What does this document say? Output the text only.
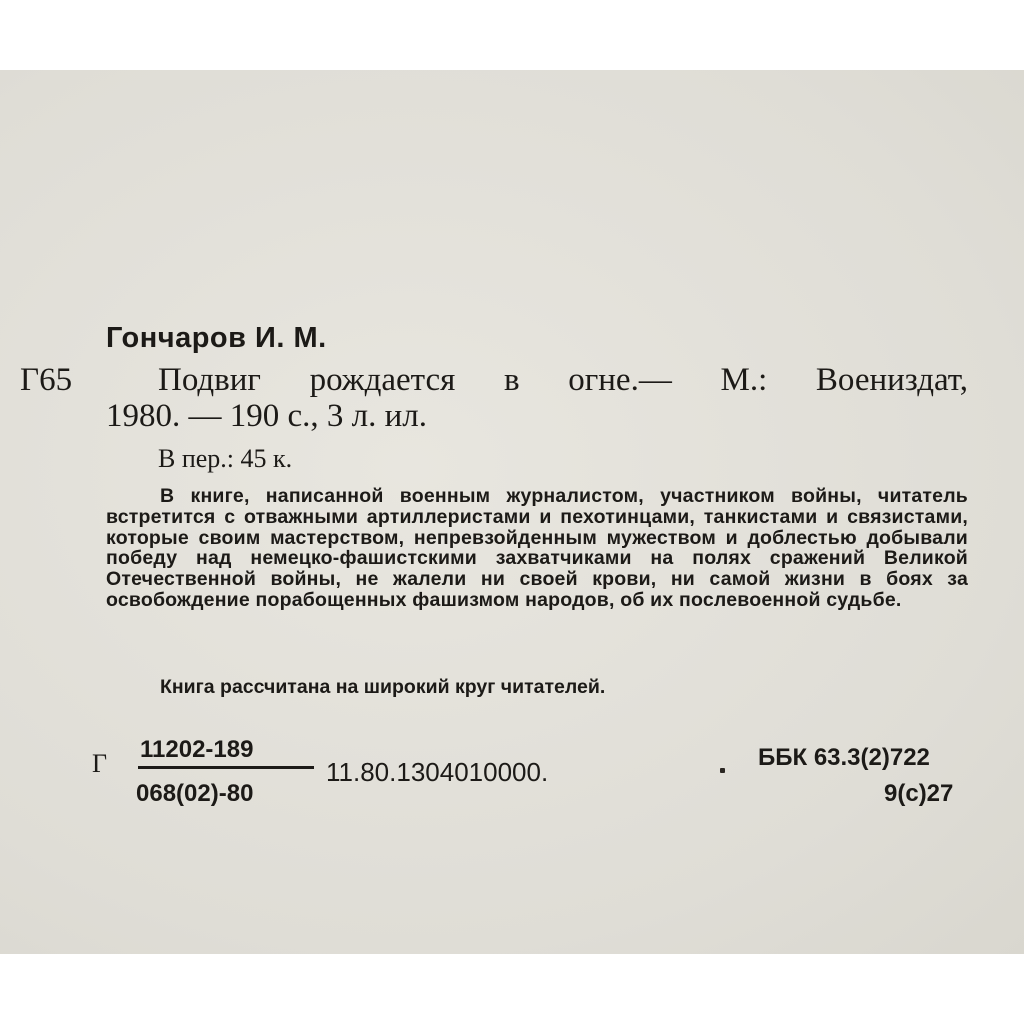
Гончаров И. М.
Г65	Подвиг рождается в огне.— М.: Воениздат,
1980. — 190 с., 3 л. ил.
В пер.: 45 к.
В книге, написанной военным журналистом, участником войны, читатель встретится с отважными артиллеристами и пехотинцами, танкистами и связистами, которые своим мастерством, непревзойденным мужеством и доблестью добывали победу над немецко-фашистскими захватчиками на полях сражений Великой Отечественной войны, не жалели ни своей крови, ни самой жизни в боях за освобождение порабощенных фашизмом народов, об их послевоенной судьбе.
Книга рассчитана на широкий круг читателей.
Г 11202-189
068(02)-80
11.80.1304010000.	ББК 63.3(2)722
9(с)27
